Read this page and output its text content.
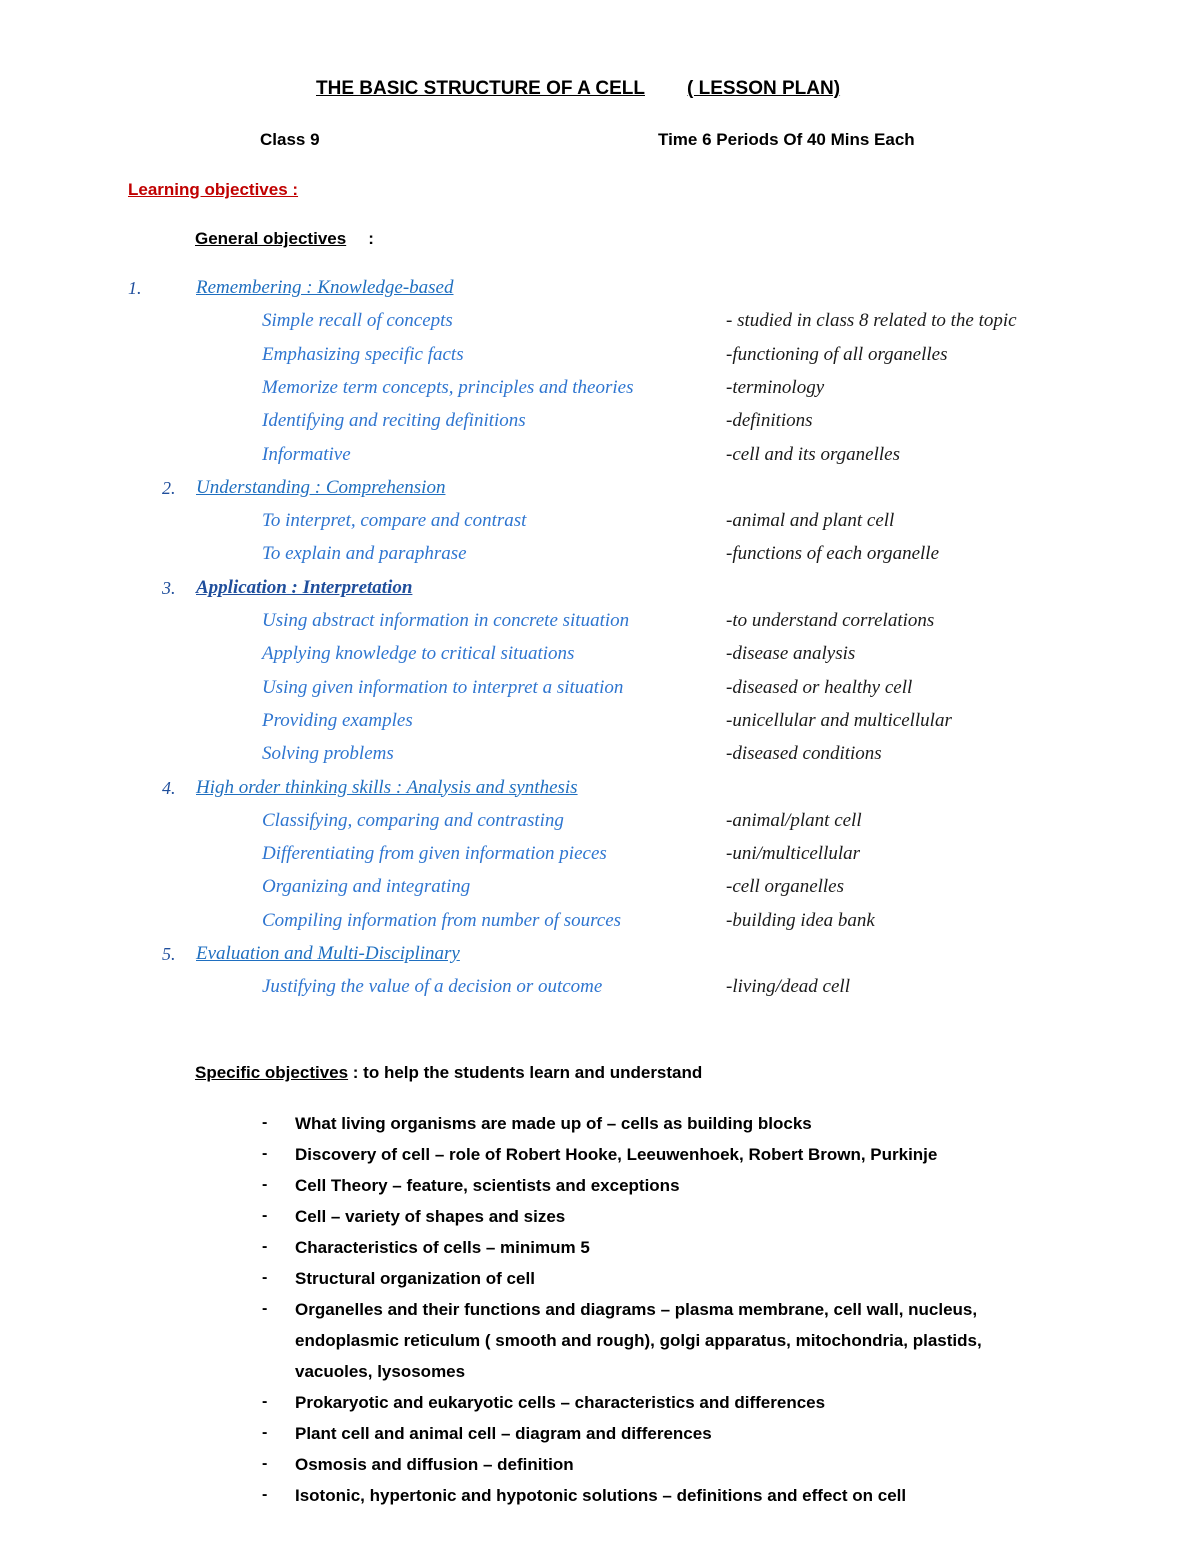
THE BASIC STRUCTURE OF A CELL ( LESSON PLAN)
Class 9	Time 6 Periods Of 40 Mins Each
Learning objectives :
General objectives :
1.	Remembering : Knowledge-based
Simple recall of concepts	- studied in class 8 related to the topic
Emphasizing specific facts	-functioning of all organelles
Memorize term concepts, principles and theories	-terminology
Identifying and reciting definitions	-definitions
Informative	-cell and its organelles
2. Understanding : Comprehension
To interpret, compare and contrast	-animal and plant cell
To explain and paraphrase	-functions of each organelle
3. Application : Interpretation
Using abstract information in concrete situation	-to understand correlations
Applying knowledge to critical situations	-disease analysis
Using given information to interpret a situation	-diseased or healthy cell
Providing examples	-unicellular and multicellular
Solving problems	-diseased conditions
4. High order thinking skills : Analysis and synthesis
Classifying, comparing and contrasting	-animal/plant cell
Differentiating from given information pieces	-uni/multicellular
Organizing and integrating	-cell organelles
Compiling information from number of sources	-building idea bank
5. Evaluation and Multi-Disciplinary
Justifying the value of a decision or outcome	-living/dead cell
Specific objectives : to help the students learn and understand
- What living organisms are made up of – cells as building blocks
- Discovery of cell – role of Robert Hooke, Leeuwenhoek, Robert Brown, Purkinje
- Cell Theory – feature, scientists and exceptions
- Cell – variety of shapes and sizes
- Characteristics of cells – minimum 5
- Structural organization of cell
- Organelles and their functions and diagrams – plasma membrane, cell wall, nucleus,
endoplasmic reticulum ( smooth and rough), golgi apparatus, mitochondria, plastids,
vacuoles, lysosomes
- Prokaryotic and eukaryotic cells – characteristics and differences
- Plant cell and animal cell – diagram and differences
- Osmosis and diffusion – definition
- Isotonic, hypertonic and hypotonic solutions – definitions and effect on cell
